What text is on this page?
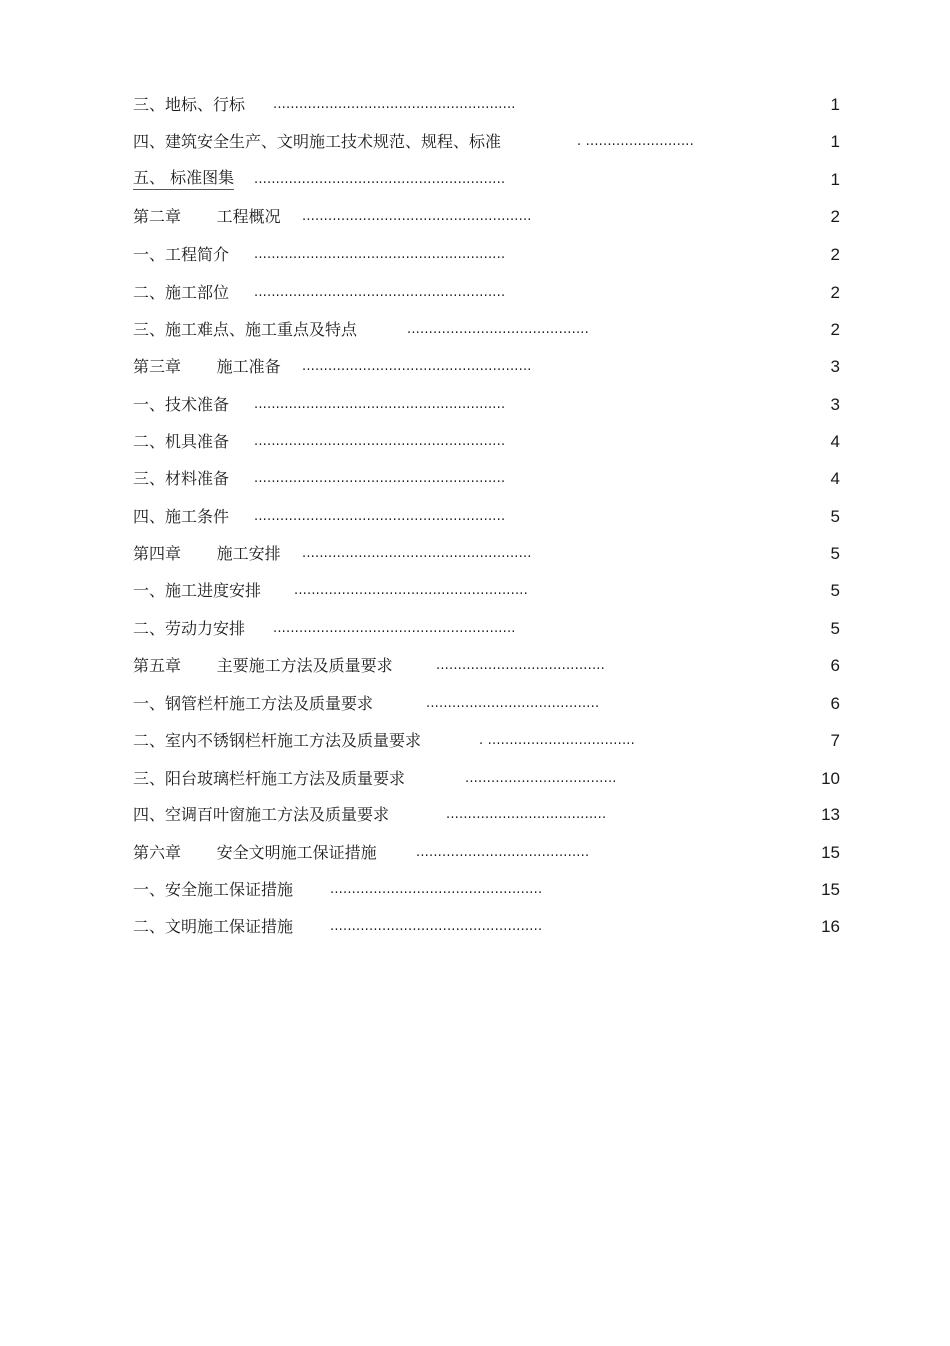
三、地标、行标 ........................................................	1
四、建筑安全生产、文明施工技术规范、规程、标准	. .........................	1
五、 标准图集 ..........................................................	1
第二章       工程概况 .....................................................	2
一、工程简介 ..........................................................	2
二、施工部位 ..........................................................	2
三、施工难点、施工重点及特点	..........................................	2
第三章       施工准备 .....................................................	3
一、技术准备 ..........................................................	3
二、机具准备 ..........................................................	4
三、材料准备 ..........................................................	4
四、施工条件 ..........................................................	5
第四章       施工安排 .....................................................	5
一、施工进度安排	......................................................	5
二、劳动力安排 ........................................................	5
第五章       主要施工方法及质量要求	.......................................	6
一、钢管栏杆施工方法及质量要求	........................................	6
二、室内不锈钢栏杆施工方法及质量要求	. ..................................	7
三、阳台玻璃栏杆施工方法及质量要求	...................................	10
四、空调百叶窗施工方法及质量要求	.....................................	13
第六章       安全文明施工保证措施	........................................	15
一、安全施工保证措施	.................................................	15
二、文明施工保证措施	.................................................	16
